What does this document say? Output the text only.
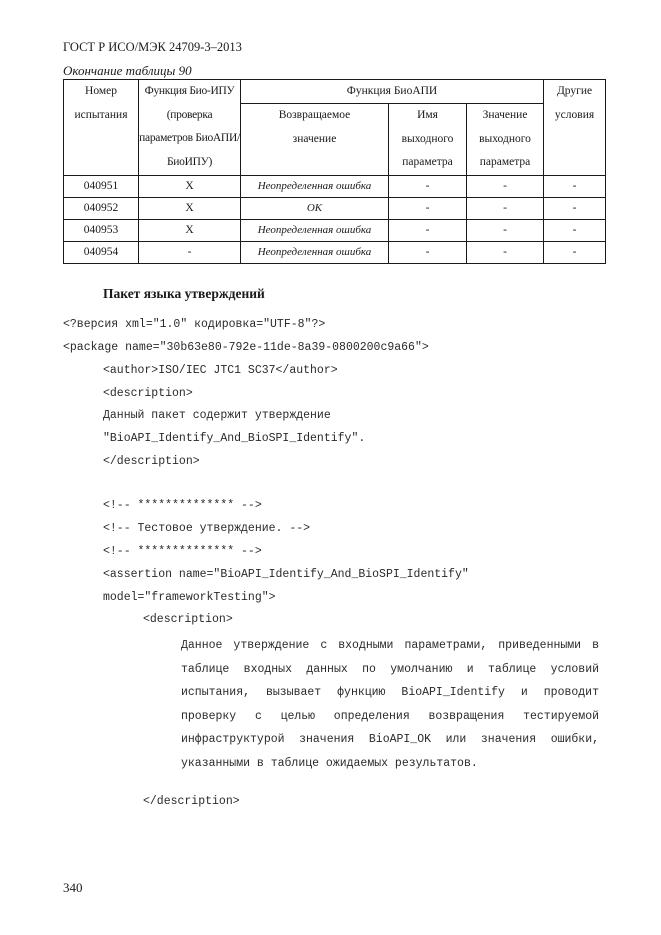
ГОСТ Р ИСО/МЭК 24709-3–2013
Окончание таблицы 90
Номер испытания	Функция Био-ИПУ (проверка параметров БиоАПИ/БиоИПУ)	Функция БиоАПИ			Другие условия
		Возвращаемое значение	Имя выходного параметра	Значение выходного параметра	
040951	X	Неопределенная ошибка	-	-	-
040952	X	OK	-	-	-
040953	X	Неопределенная ошибка	-	-	-
040954	-	Неопределенная ошибка	-	-	-
Пакет языка утверждений
<?версия xml="1.0" кодировка="UTF-8"?>
<package name="30b63e80-792e-11de-8a39-0800200c9a66">
<author>ISO/IEC JTC1 SC37</author>
<description>
Данный пакет содержит утверждение
"BioAPI_Identify_And_BioSPI_Identify".
</description>
<!-- ************** -->
<!-- Тестовое утверждение. -->
<!-- ************** -->
<assertion name="BioAPI_Identify_And_BioSPI_Identify"
model="frameworkTesting">
<description>
Данное утверждение с входными параметрами, приведенными в таблице входных данных по умолчанию и таблице условий испытания, вызывает функцию BioAPI_Identify и проводит проверку с целью определения возвращения тестируемой инфраструктурой значения BioAPI_OK или значения ошибки, указанными в таблице ожидаемых результатов.
</description>
340
